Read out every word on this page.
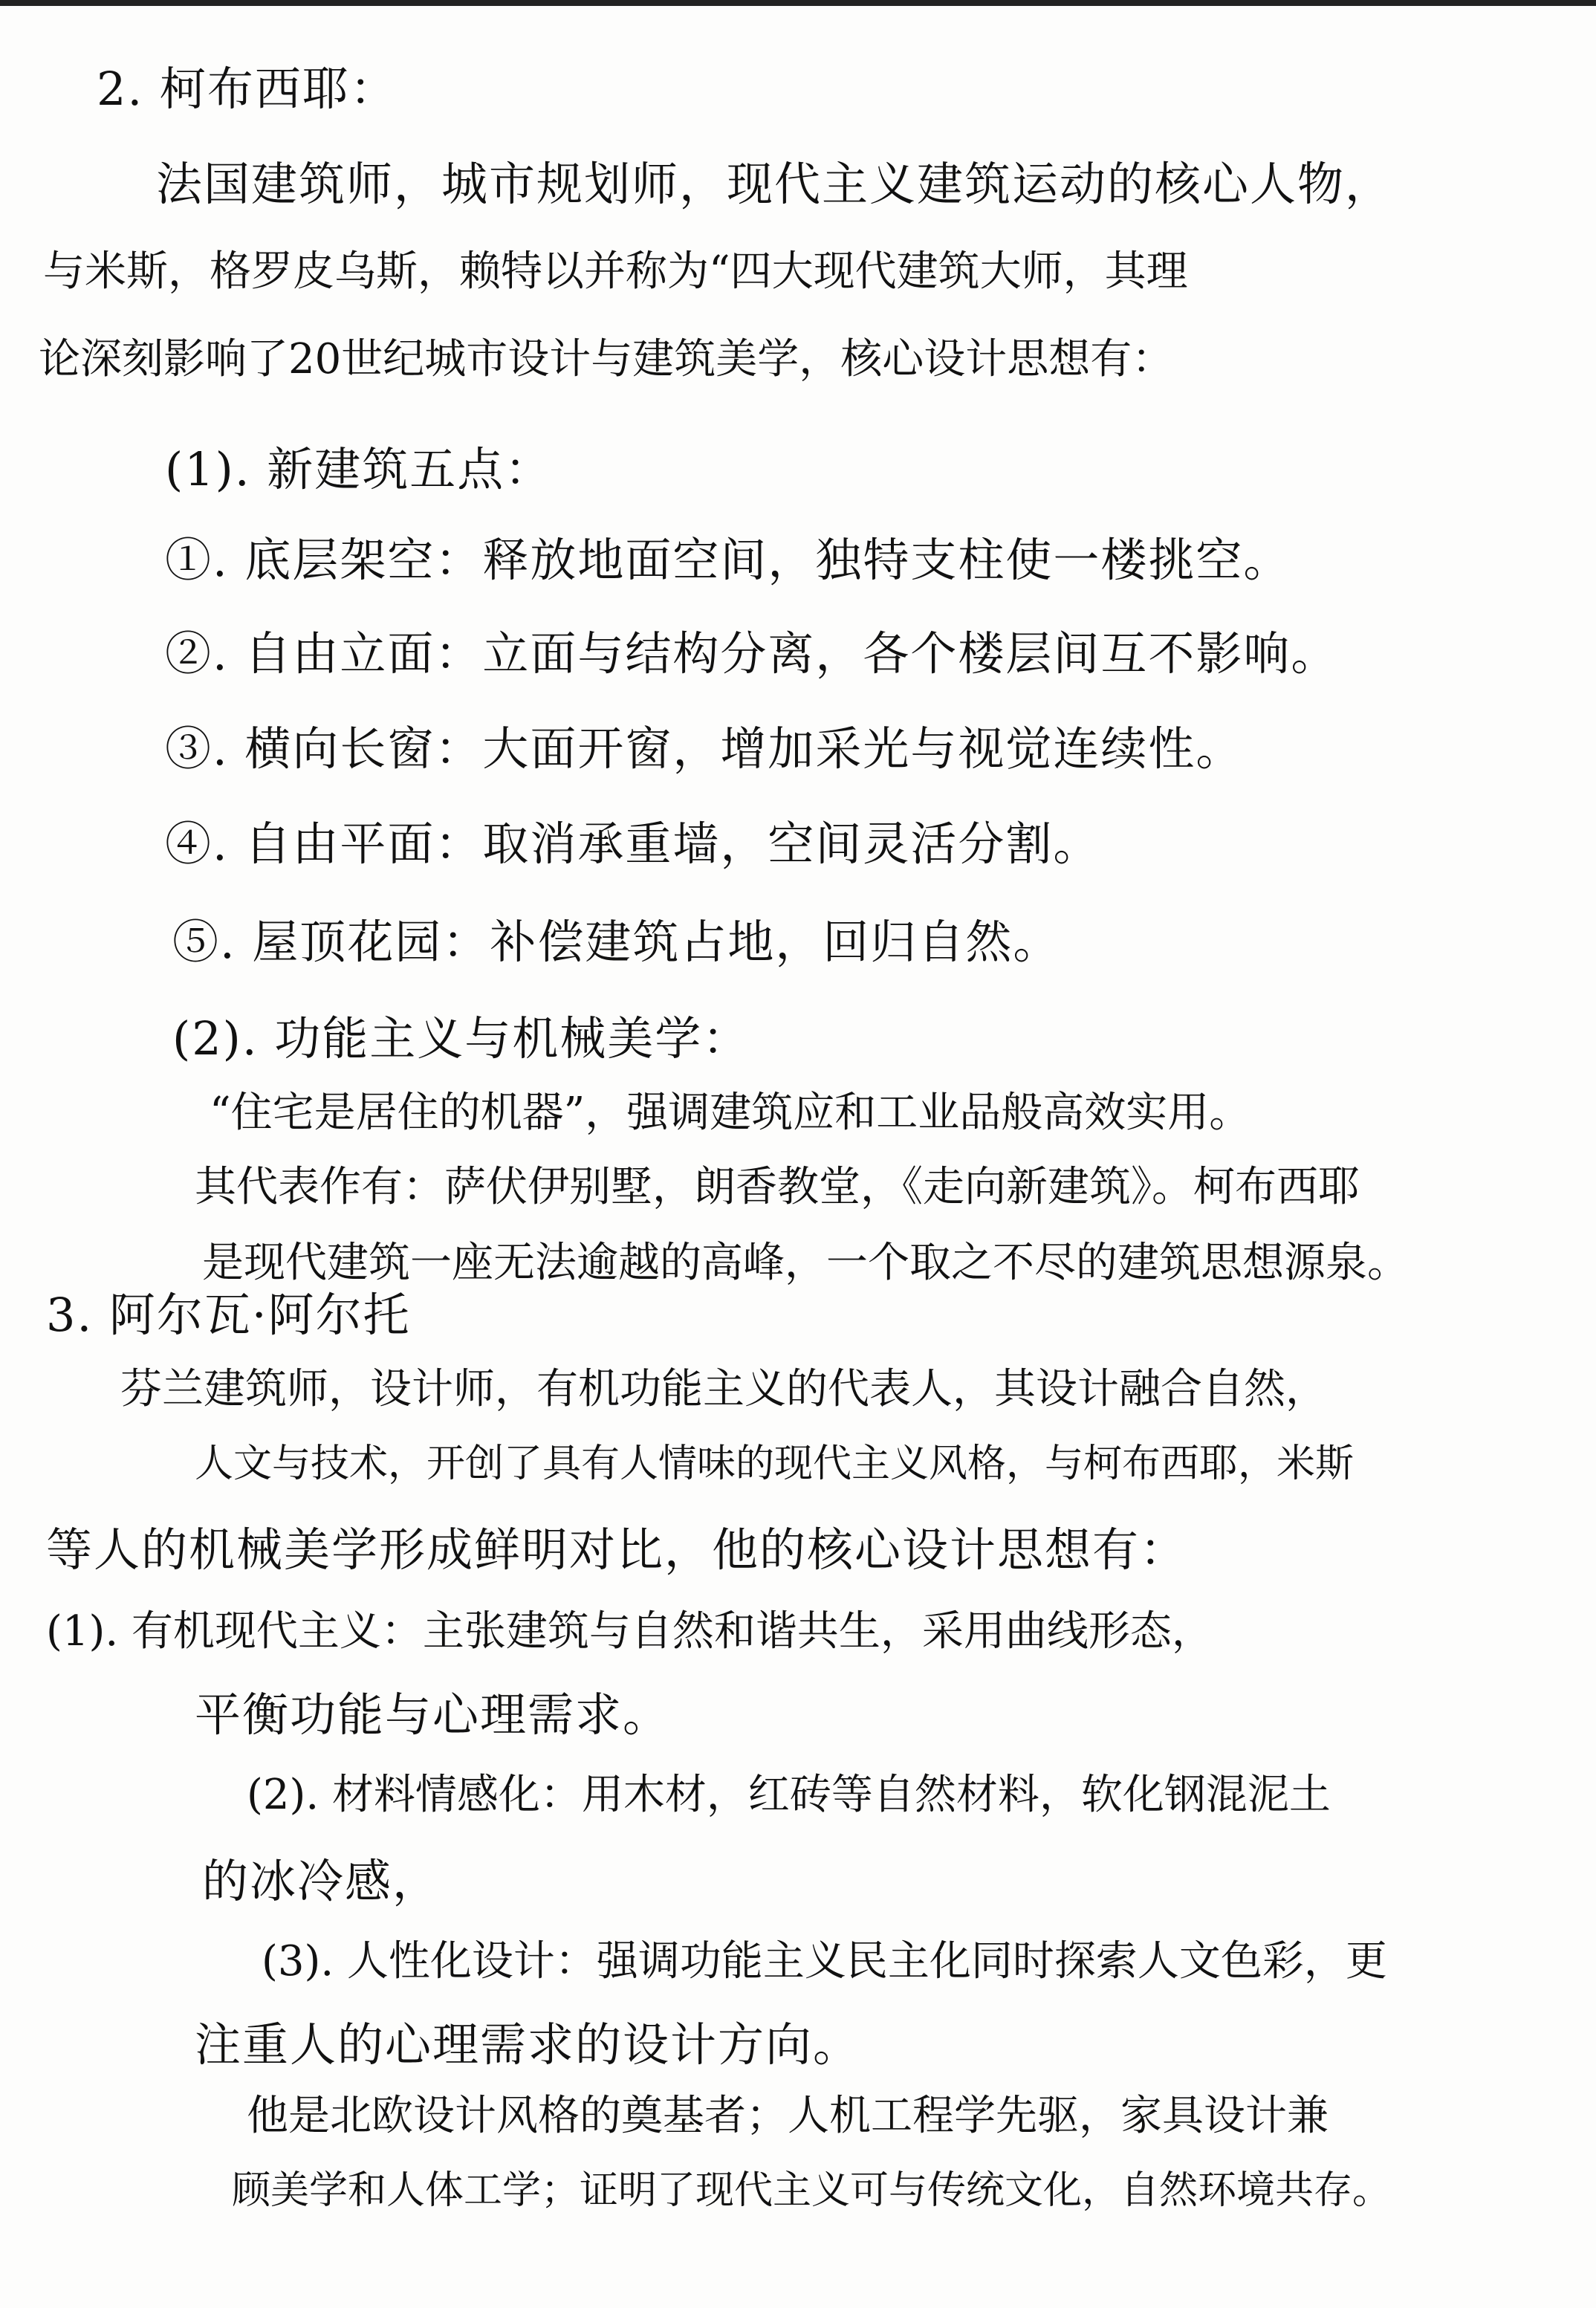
2. 柯布西耶：
法国建筑师，城市规划师，现代主义建筑运动的核心人物，
与米斯，格罗皮乌斯，赖特以并称为“四大现代建筑大师，其理
论深刻影响了20世纪城市设计与建筑美学，核心设计思想有：
(1). 新建筑五点：
①. 底层架空：释放地面空间，独特支柱使一楼挑空。
②. 自由立面：立面与结构分离，各个楼层间互不影响。
③. 横向长窗：大面开窗，增加采光与视觉连续性。
④. 自由平面：取消承重墙，空间灵活分割。
⑤. 屋顶花园：补偿建筑占地，回归自然。
(2). 功能主义与机械美学：
“住宅是居住的机器”，强调建筑应和工业品般高效实用。
其代表作有：萨伏伊别墅，朗香教堂，《走向新建筑》。柯布西耶
是现代建筑一座无法逾越的高峰，一个取之不尽的建筑思想源泉。
3. 阿尔瓦·阿尔托
芬兰建筑师，设计师，有机功能主义的代表人，其设计融合自然，
人文与技术，开创了具有人情味的现代主义风格，与柯布西耶，米斯
等人的机械美学形成鲜明对比，他的核心设计思想有：
(1). 有机现代主义：主张建筑与自然和谐共生，采用曲线形态，
平衡功能与心理需求。
(2). 材料情感化：用木材，红砖等自然材料，软化钢混泥土
的冰冷感，
(3). 人性化设计：强调功能主义民主化同时探索人文色彩，更
注重人的心理需求的设计方向。
他是北欧设计风格的奠基者；人机工程学先驱，家具设计兼
顾美学和人体工学；证明了现代主义可与传统文化，自然环境共存。
